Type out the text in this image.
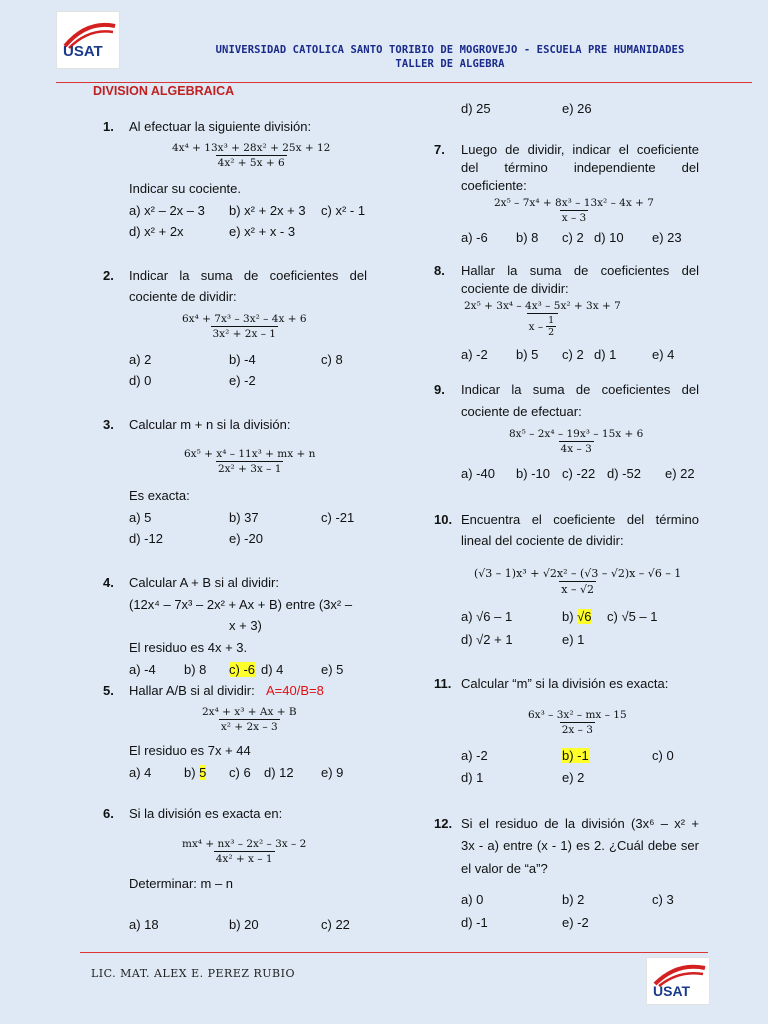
USAT	UNIVERSIDAD CATOLICA SANTO TORIBIO DE MOGROVEJO - ESCUELA PRE HUMANIDADES
TALLER DE ALGEBRA
DIVISION ALGEBRAICA
1. Al efectuar la siguiente división:
$\frac{\text{4x⁴ + 13x³ + 28x² + 25x + 12}}{\text{4x² + 5x + 6}}$
Indicar su cociente.
a) x² – 2x – 3 b) x² + 2x + 3 c) x² - 1
d) x² + 2x	e) x² + x - 3
2. Indicar la suma de coeficientes del
cociente de dividir:
$\frac{\text{6x⁴ + 7x³ – 3x² – 4x + 6}}{\text{3x² + 2x – 1}}$
a) 2	b) -4	c) 8
d) 0	e) -2
3. Calcular m + n si la división:
$\frac{\text{6x⁵ + x⁴ – 11x³ + mx + n}}{\text{2x² + 3x – 1}}$
Es exacta:
a) 5	b) 37	c) -21
d) -12	e) -20
4. Calcular A + B si al dividir:
(12x⁴ – 7x³ – 2x² + Ax + B) entre (3x² –
x + 3)
El residuo es 4x + 3.
a) -4 b) 8 c) -6 d) 4	e) 5
5. Hallar A/B si al dividir: A=40/B=8
$\frac{\text{2x⁴ + x³ + Ax + B}}{\text{x² + 2x – 3}}$
El residuo es 7x + 44
a) 4	b) 5 c) 6 d) 12 e) 9
6. Si la división es exacta en:
$\frac{\text{mx⁴ + nx³ – 2x² – 3x – 2}}{\text{4x² + x – 1}}$
Determinar: m – n
a) 18	b) 20	c) 22
d) 25	e) 26
7. Luego de dividir, indicar el coeficiente
del término independiente del
coeficiente:
$\frac{\text{2x⁵ – 7x⁴ + 8x³ – 13x² – 4x + 7}}{x - 3}$
a) -6 b) 8 c) 2 d) 10 e) 23
8. Hallar la suma de coeficientes del
cociente de dividir:
$\frac{\text{2x⁵ + 3x⁴ – 4x³ – 5x² + 3x + 7}}{x - \frac{1}{2}}$
a) -2 b) 5 c) 2 d) 1	e) 4
9. Indicar la suma de coeficientes del
cociente de efectuar:
$\frac{\text{8x⁵ – 2x⁴ – 19x³ – 15x + 6}}{4x - 3}$
a) -40 b) -10 c) -22 d) -52 e) 22
10. Encuentra el coeficiente del término
lineal del cociente de dividir:
$\frac{\text{(√3 – 1)x³ + √2x² – (√3 – √2)x – √6 – 1}}{x - √2}$
a) √6 – 1	b) √6 c) √5 – 1
d) √2 + 1	e) 1
11. Calcular “m” si la división es exacta:
$\frac{\text{6x³ – 3x² – mx – 15}}{2x - 3}$
a) -2	b) -1	c) 0
d) 1	e) 2
12. Si el residuo de la división (3x⁶ – x² +
3x - a) entre (x - 1) es 2. ¿Cuál debe ser
el valor de “a”?
a) 0	b) 2	c) 3
d) -1	e) -2
LIC. MAT. ALEX E. PEREZ RUBIO
USAT
